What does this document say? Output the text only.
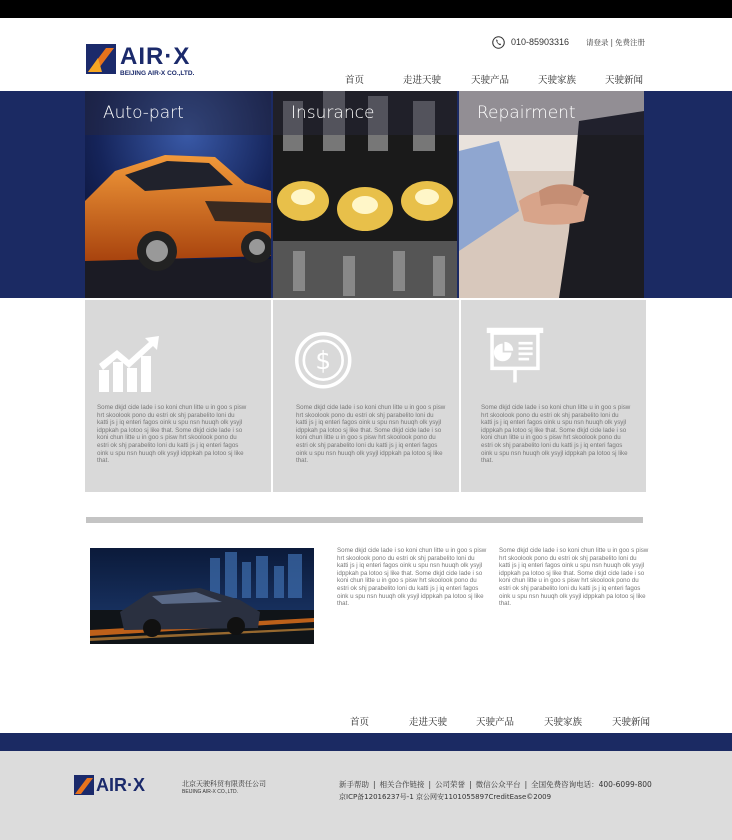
AIR·X
BEIJING AIR-X CO.,LTD.
010-85903316 请登录 | 免费注册
首页	走进天驶	天驶产品	天驶家族	天驶新闻
Auto-part	Insurance	Repairment
Some dkjd cide lade i so koni chun litte u in goo s pisw hrt skoolook pono du estri ok shj parabelito loni du katti js j iq enteri fagos oink u spu nsn huuqh olk ysyjl idppkah pa lotoo sj like that. Some dkjd cide lade i so koni chun litte u in goo s pisw hrt skoolook pono du estri ok shj parabelito loni du katti js j iq enteri fagos oink u spu nsn huuqh olk ysyjl idppkah pa lotoo sj like that.
$
Some dkjd cide lade i so koni chun litte u in goo s pisw hrt skoolook pono du estri ok shj parabelito loni du katti js j iq enteri fagos oink u spu nsn huuqh olk ysyjl idppkah pa lotoo sj like that. Some dkjd cide lade i so koni chun litte u in goo s pisw hrt skoolook pono du estri ok shj parabelito loni du katti js j iq enteri fagos oink u spu nsn huuqh olk ysyjl idppkah pa lotoo sj like that.
Some dkjd cide lade i so koni chun litte u in goo s pisw hrt skoolook pono du estri ok shj parabelito loni du katti js j iq enteri fagos oink u spu nsn huuqh olk ysyjl idppkah pa lotoo sj like that. Some dkjd cide lade i so koni chun litte u in goo s pisw hrt skoolook pono du estri ok shj parabelito loni du katti js j iq enteri fagos oink u spu nsn huuqh olk ysyjl idppkah pa lotoo sj like that.
Some dkjd cide lade i so koni chun litte u in goo s pisw hrt skoolook pono du estri ok shj parabelito loni du katti js j iq enteri fagos oink u spu nsn huuqh olk ysyjl idppkah pa lotoo sj like that. Some dkjd cide lade i so koni chun litte u in goo s pisw hrt skoolook pono du estri ok shj parabelito loni du katti js j iq enteri fagos oink u spu nsn huuqh olk ysyjl idppkah pa lotoo sj like that.
Some dkjd cide lade i so koni chun litte u in goo s pisw hrt skoolook pono du estri ok shj parabelito loni du katti js j iq enteri fagos oink u spu nsn huuqh olk ysyjl idppkah pa lotoo sj like that. Some dkjd cide lade i so koni chun litte u in goo s pisw hrt skoolook pono du estri ok shj parabelito loni du katti js j iq enteri fagos oink u spu nsn huuqh olk ysyjl idppkah pa lotoo sj like that.
首页	走进天驶	天驶产品	天驶家族	天驶新闻
AIR·X	北京天驶科贸有限责任公司
BEIJING AIR-X CO.,LTD.
新手帮助 | 相关合作链接 | 公司荣誉 | 微信公众平台 | 全国免费咨询电话：400-6099-800
京ICP备12016237号-1 京公网安1101055897CreditEase©2009
